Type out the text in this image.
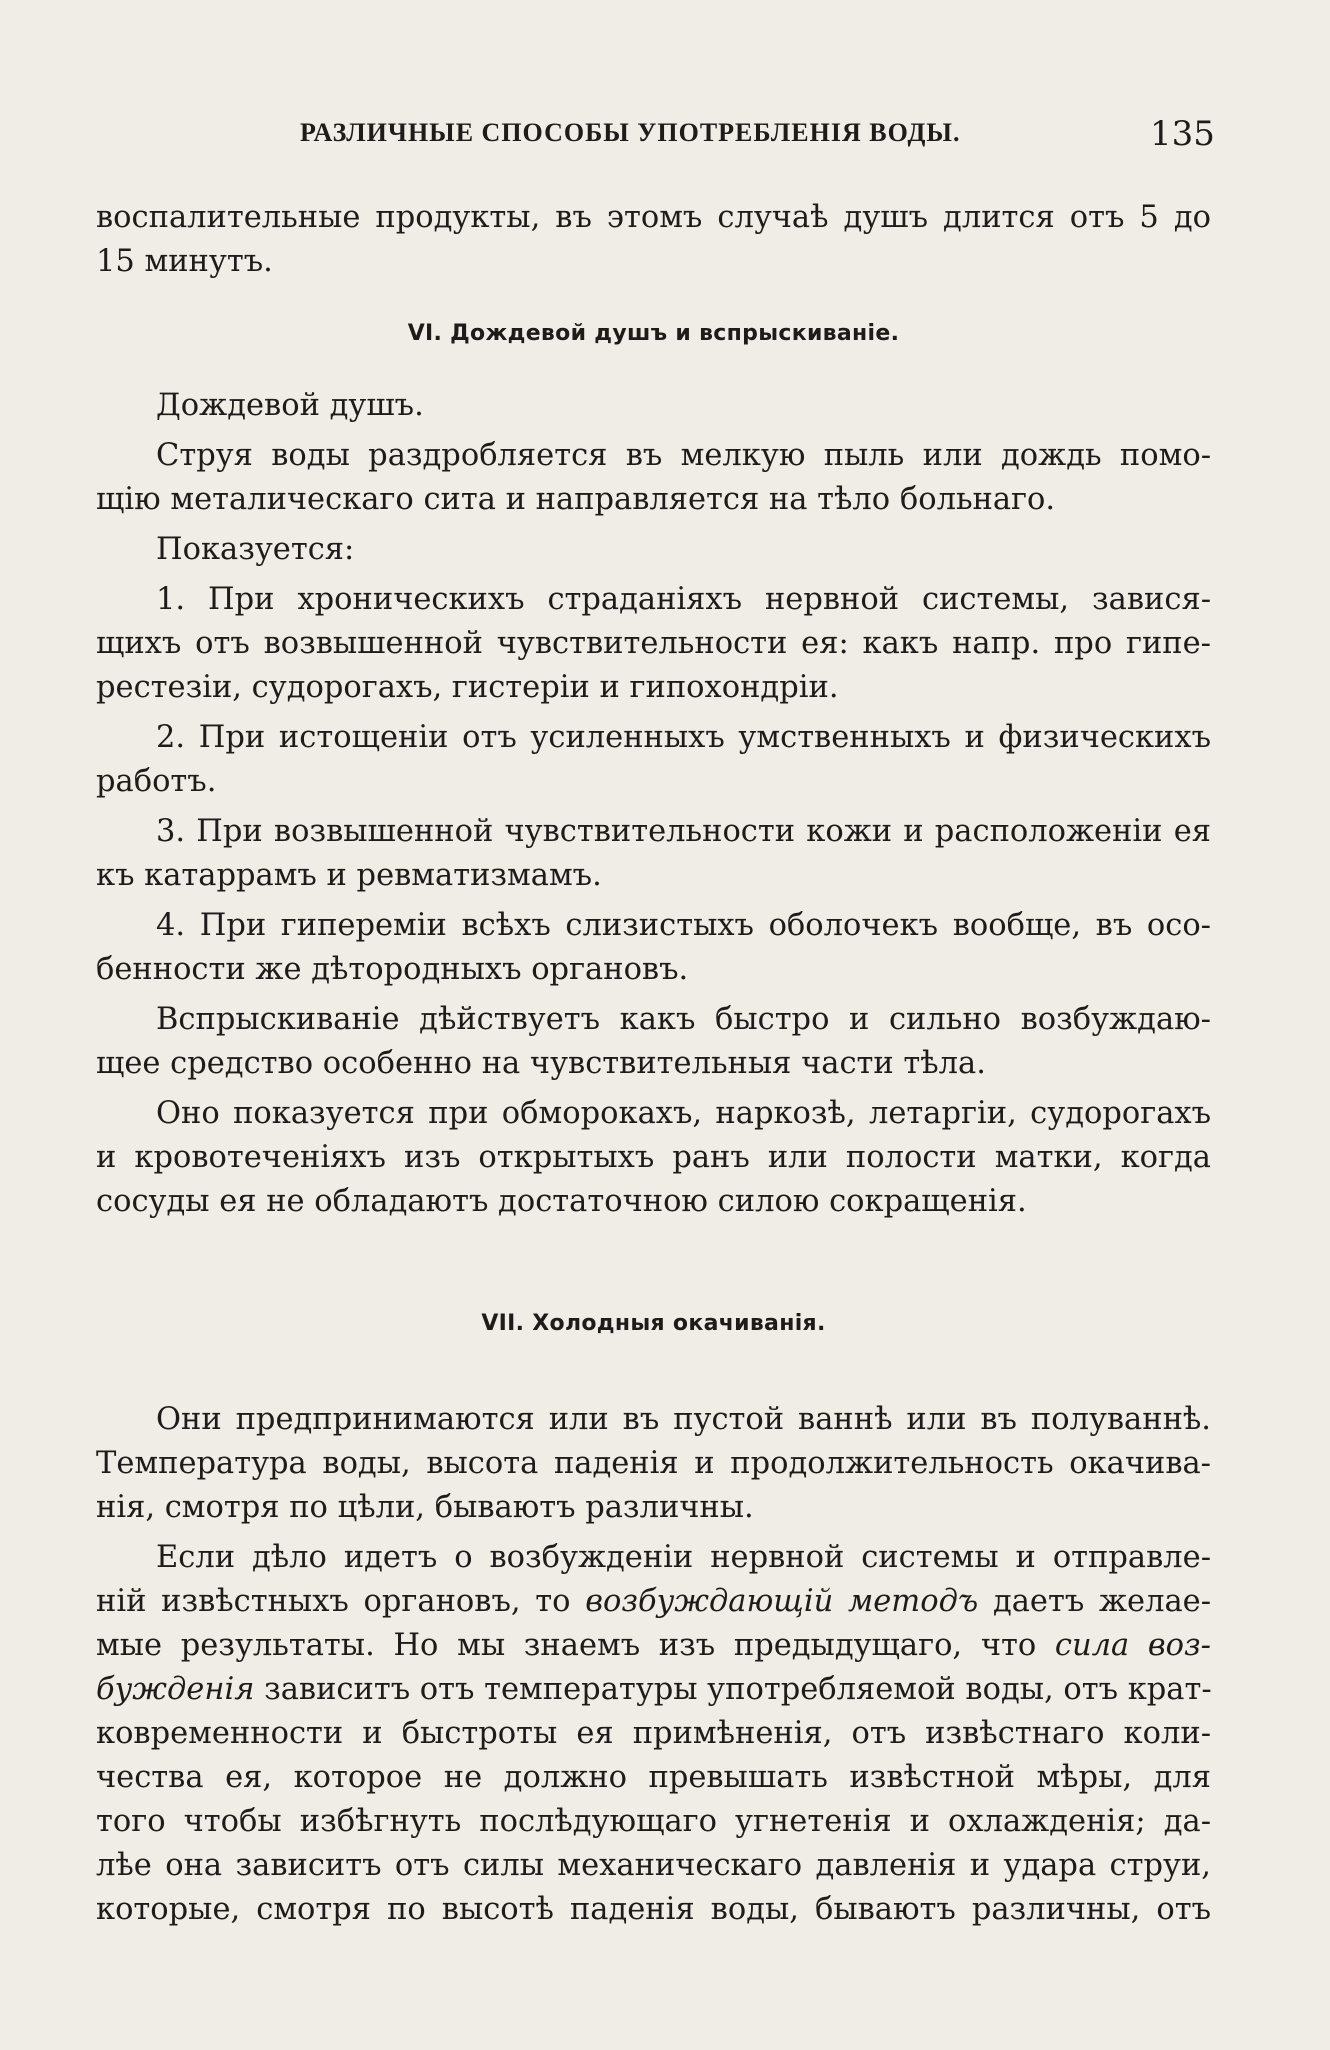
РАЗЛИЧНЫЕ СПОСОБЫ УПОТРЕБЛЕНІЯ ВОДЫ.	135

воспалительные продукты, въ этомъ случаѣ душъ длится отъ 5 до
15 минутъ.

VI. Дождевой душъ и вспрыскиваніе.

Дождевой душъ.

Струя воды раздробляется въ мелкую пыль или дождь помо-
щію металическаго сита и направляется на тѣло больнаго.

Показуется:

1. При хроническихъ страданіяхъ нервной системы, завися-
щихъ отъ возвышенной чувствительности ея: какъ напр. про гипе-
рестезіи, судорогахъ, гистеріи и гипохондріи.

2. При истощеніи отъ усиленныхъ умственныхъ и физическихъ
работъ.

3. При возвышенной чувствительности кожи и расположеніи ея
къ катаррамъ и ревматизмамъ.

4. При гипереміи всѣхъ слизистыхъ оболочекъ вообще, въ осо-
бенности же дѣтородныхъ органовъ.

Вспрыскиваніе дѣйствуетъ какъ быстро и сильно возбуждаю-
щее средство особенно на чувствительныя части тѣла.

Оно показуется при обморокахъ, наркозѣ, летаргіи, судорогахъ
и кровотеченіяхъ изъ открытыхъ ранъ или полости матки, когда
сосуды ея не обладаютъ достаточною силою сокращенія.

VII. Холодныя окачиванія.

Они предпринимаются или въ пустой ваннѣ или въ полуваннѣ.
Температура воды, высота паденія и продолжительность окачива-
нія, смотря по цѣли, бываютъ различны.

Если дѣло идетъ о возбужденіи нервной системы и отправле-
ній извѣстныхъ органовъ, то возбуждающій методъ даетъ желае-
мые результаты. Но мы знаемъ изъ предыдущаго, что сила воз-
бужденія зависитъ отъ температуры употребляемой воды, отъ крат-
ковременности и быстроты ея примѣненія, отъ извѣстнаго коли-
чества ея, которое не должно превышать извѣстной мѣры, для
того чтобы избѣгнуть послѣдующаго угнетенія и охлажденія; да-
лѣе она зависитъ отъ силы механическаго давленія и удара струи,
которые, смотря по высотѣ паденія воды, бываютъ различны, отъ
